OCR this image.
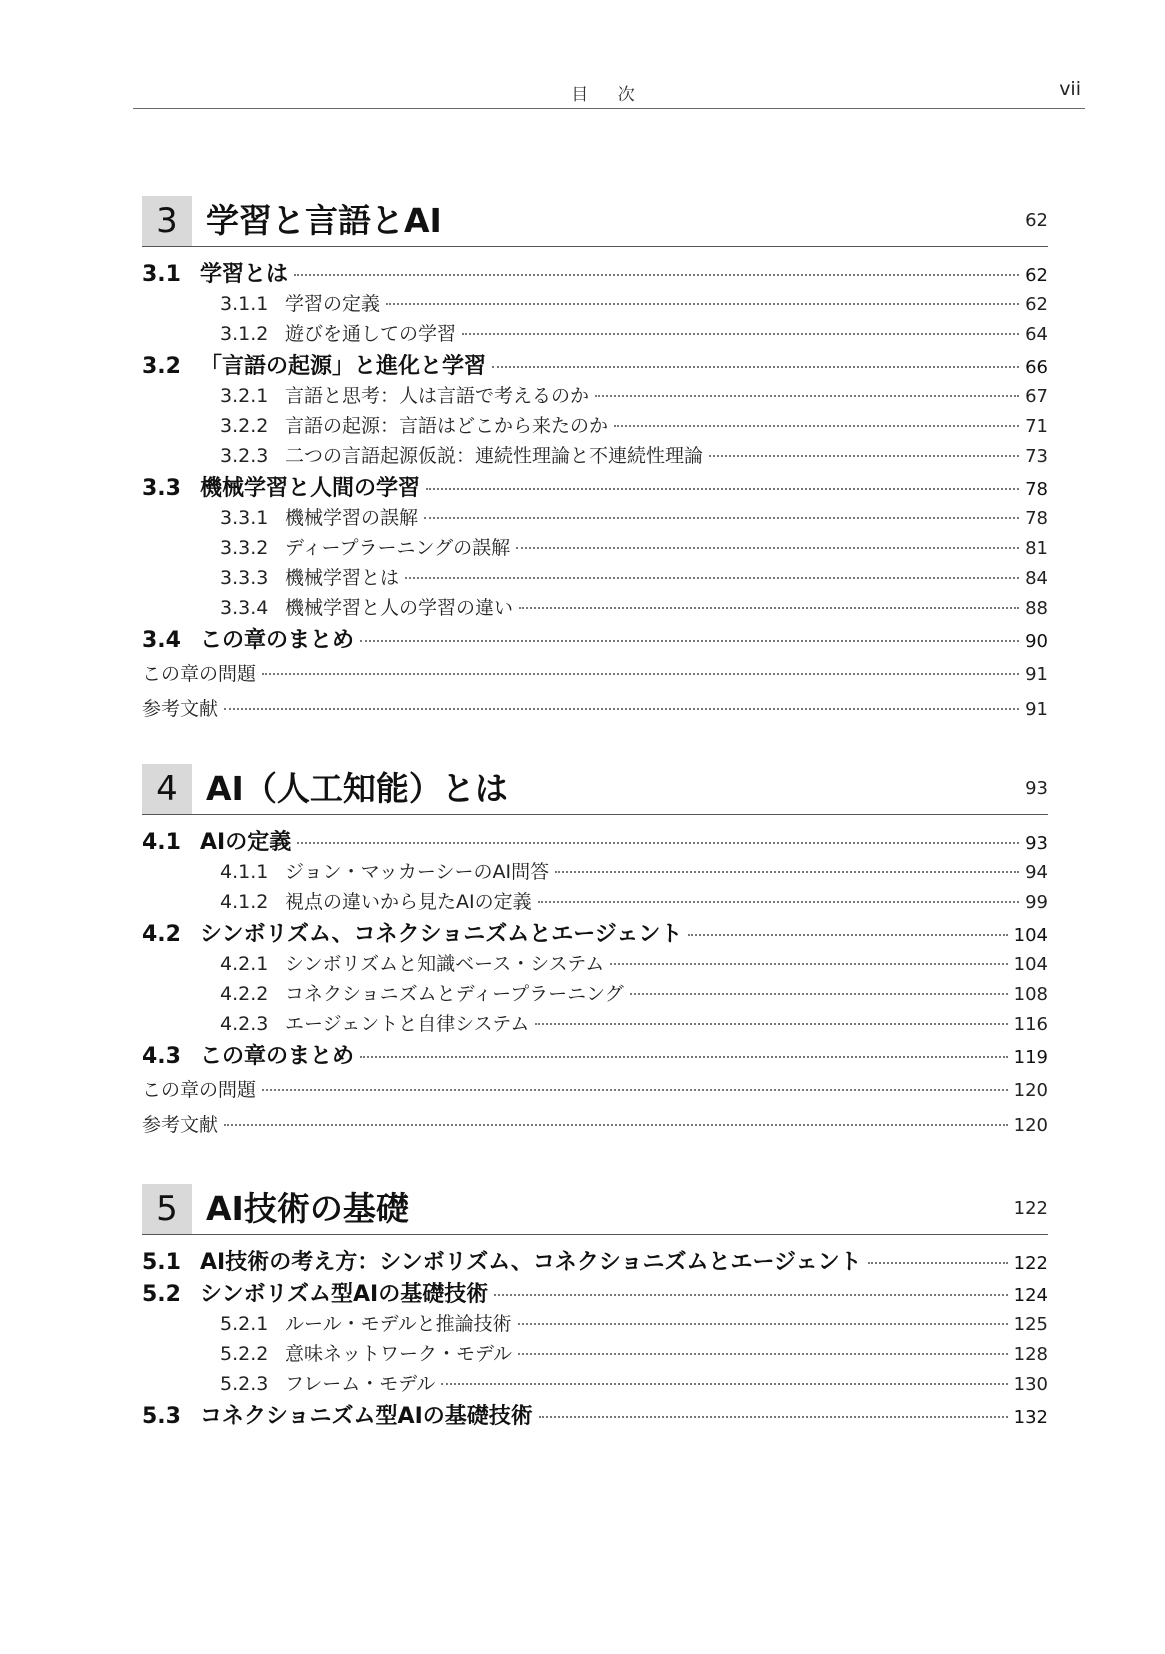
目 次	vii
3 学習と言語とAI	62
3.1 学習とは	62
3.1.1 学習の定義	62
3.1.2 遊びを通しての学習	64
3.2 「言語の起源」と進化と学習	66
3.2.1 言語と思考：人は言語で考えるのか	67
3.2.2 言語の起源：言語はどこから来たのか	71
3.2.3 二つの言語起源仮説：連続性理論と不連続性理論	73
3.3 機械学習と人間の学習	78
3.3.1 機械学習の誤解	78
3.3.2 ディープラーニングの誤解	81
3.3.3 機械学習とは	84
3.3.4 機械学習と人の学習の違い	88
3.4 この章のまとめ	90
この章の問題	91
参考文献	91
4 AI（人工知能）とは	93
4.1 AIの定義	93
4.1.1 ジョン・マッカーシーのAI問答	94
4.1.2 視点の違いから見たAIの定義	99
4.2 シンボリズム、コネクショニズムとエージェント	104
4.2.1 シンボリズムと知識ベース・システム	104
4.2.2 コネクショニズムとディープラーニング	108
4.2.3 エージェントと自律システム	116
4.3 この章のまとめ	119
この章の問題	120
参考文献	120
5 AI技術の基礎	122
5.1 AI技術の考え方：シンボリズム、コネクショニズムとエージェント	122
5.2 シンボリズム型AIの基礎技術	124
5.2.1 ルール・モデルと推論技術	125
5.2.2 意味ネットワーク・モデル	128
5.2.3 フレーム・モデル	130
5.3 コネクショニズム型AIの基礎技術	132
